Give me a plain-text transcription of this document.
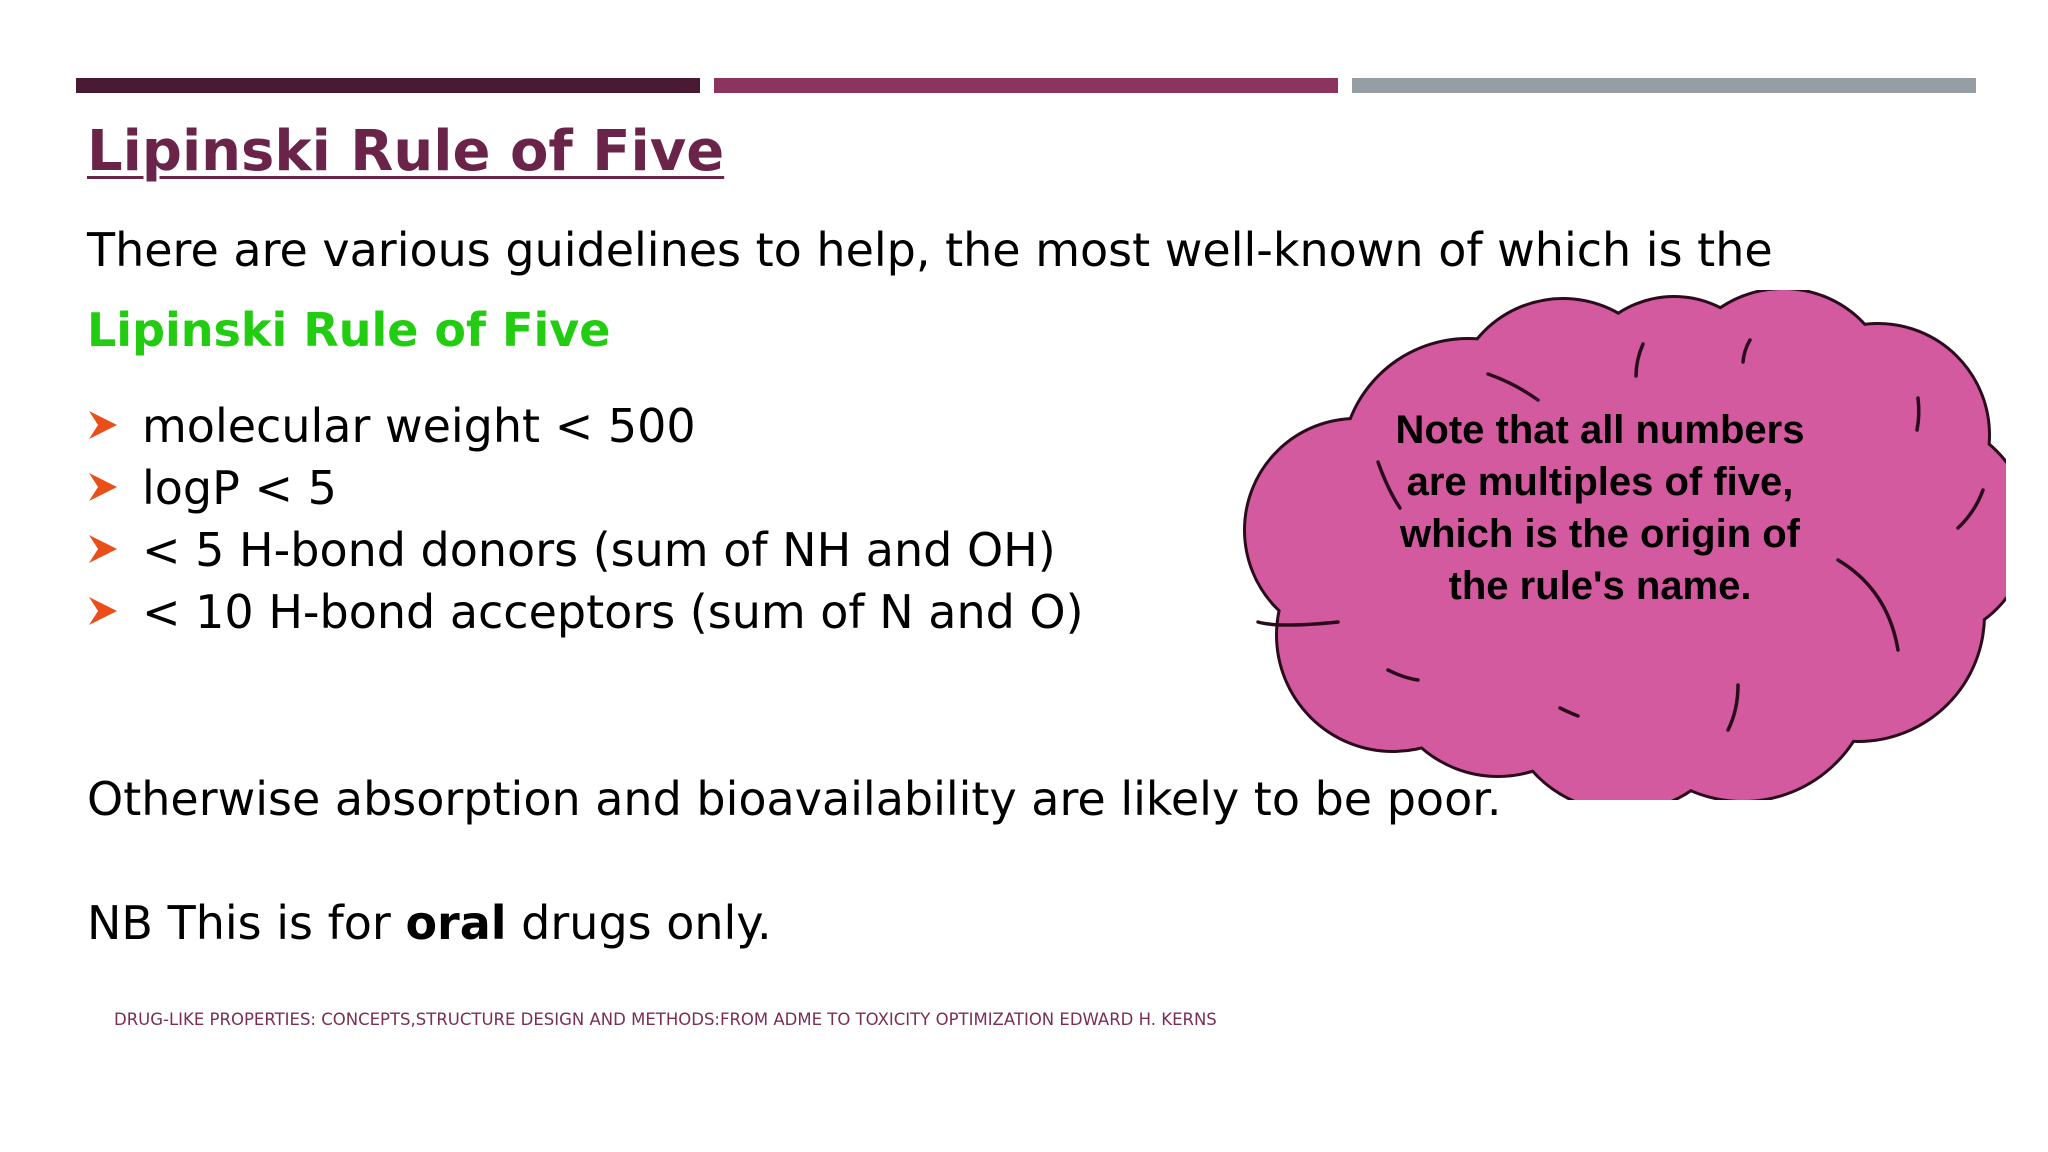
Lipinski Rule of Five

There are various guidelines to help, the most well-known of which is the
Lipinski Rule of Five

molecular weight < 500
logP < 5
< 5 H-bond donors (sum of NH and OH)
< 10 H-bond acceptors (sum of N and O)

Otherwise absorption and bioavailability are likely to be poor.

NB This is for oral drugs only.

DRUG-LIKE PROPERTIES: CONCEPTS,STRUCTURE DESIGN AND METHODS:FROM ADME TO TOXICITY OPTIMIZATION EDWARD H. KERNS

Note that all numbers
are multiples of five,
which is the origin of
the rule's name.
